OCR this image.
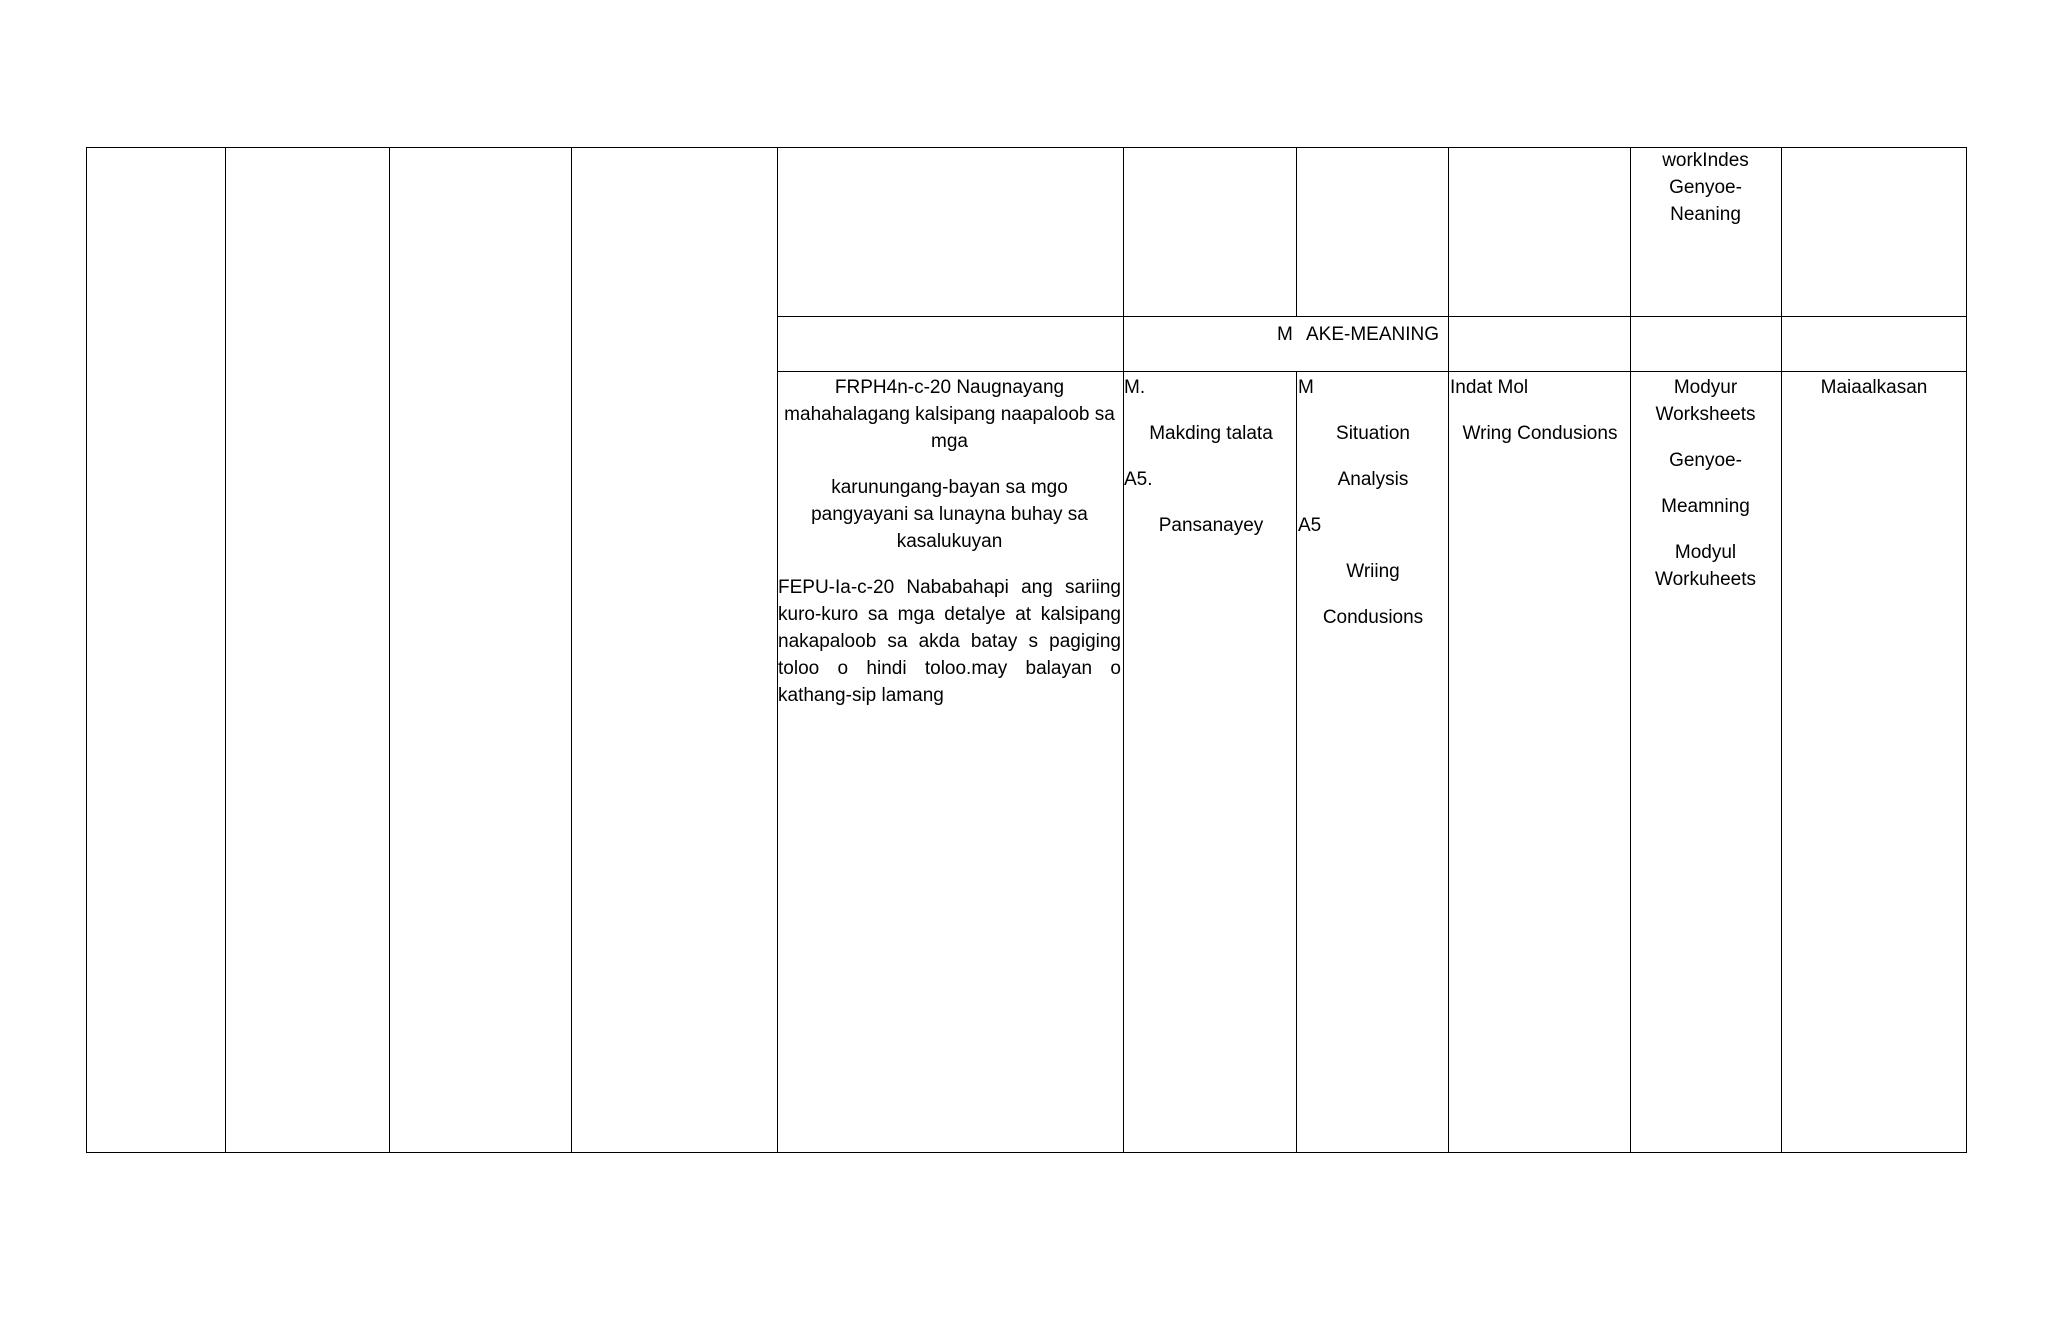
workIndes
Genyoe-
Neaning
M AKE-MEANING
FRPH4n-c-20 Naugnayang
mahahalagang kalsipang naapaloob sa
mga
karunungang-bayan sa mgo
pangyayani sa lunayna buhay sa
kasalukuyan
FEPU-Ia-c-20 Nababahapi ang sariing kuro-kuro sa mga detalye at kalsipang nakapaloob sa akda batay s pagiging toloo o hindi toloo.may balayan o kathang-sip lamang
M.
Makding talata
A5.
Pansanayey
M
Situation
Analysis
A5
Wriing
Condusions
Indat Mol
Wring Condusions
Modyur
Worksheets
Genyoe-
Meamning
Modyul
Workuheets
Maiaalkasan
